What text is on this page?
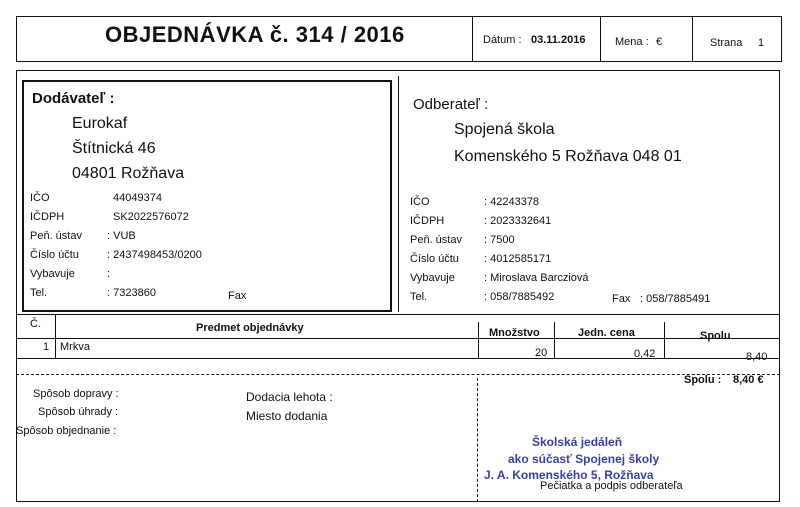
OBJEDNÁVKA č. 314 / 2016	Dátum : 03.11.2016	Mena : €	Strana 1
Dodávateľ :
Eurokaf
Štítnická 46
04801 Rožňava
IČO	44049374
IČDPH	SK2022576072
Peň. ústav : VUB
Číslo účtu	: 2437498453/0200
Vybavuje	:
Tel.	: 7323860	Fax
Odberateľ :
Spojená škola
Komenského 5 Rožňava 048 01
IČO	: 42243378
IČDPH	: 2023332641
Peň. ústav : 7500
Číslo účtu : 4012585171
Vybavuje	: Miroslava Barcziová
Tel.	: 058/7885492	Fax : 058/7885491
Č.	Predmet objednávky	Množstvo	Jedn. cena	Spolu
1 Mrkva	20	0,42	8,40
Spolu : 8,40 €
Spôsob dopravy :
Spôsob úhrady :
Spôsob objednanie :
Dodacia lehota :
Miesto dodania
Školská jedáleň
ako súčasť Spojenej školy
J. A. Komenského 5, Rožňava
Pečiatka a podpis odberateľa
